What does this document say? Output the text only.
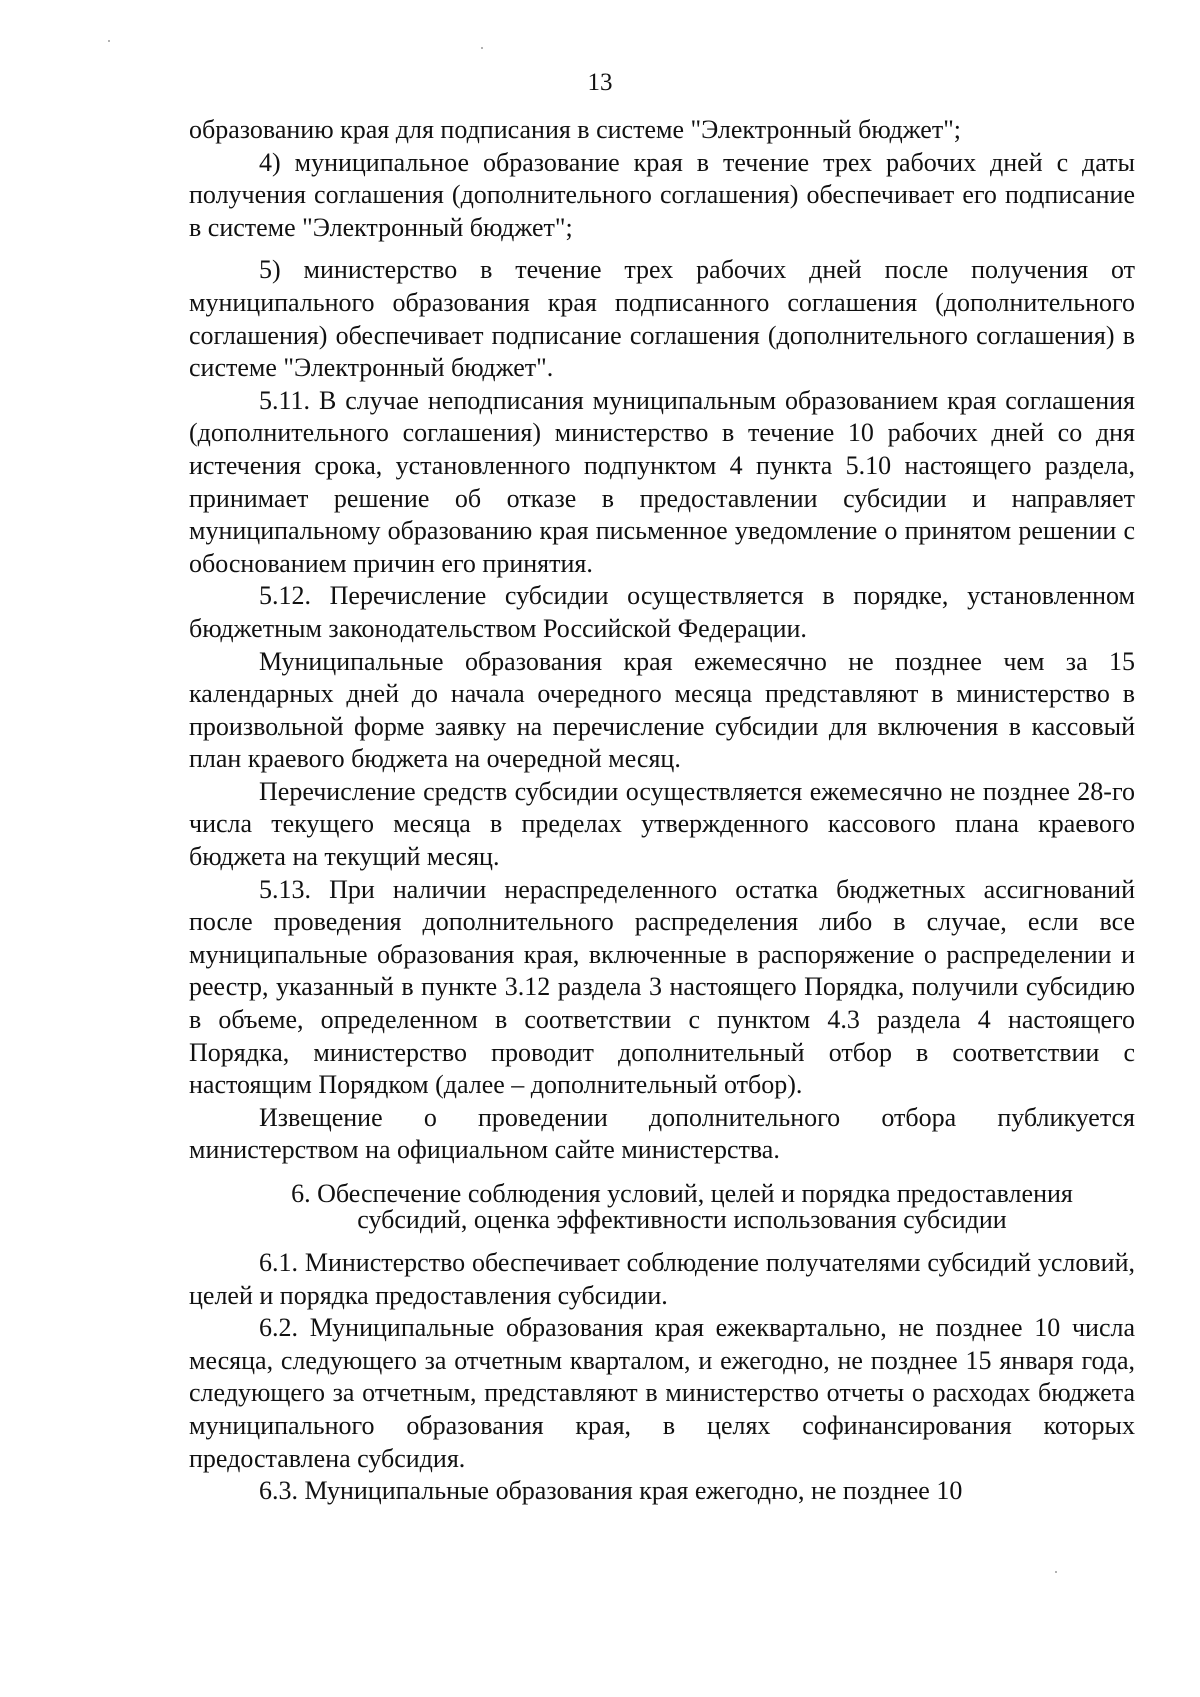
13

образованию края для подписания в системе "Электронный бюджет";

4) муниципальное образование края в течение трех рабочих дней с даты получения соглашения (дополнительного соглашения) обеспечивает его подписание в системе "Электронный бюджет";

5) министерство в течение трех рабочих дней после получения от муниципального образования края подписанного соглашения (дополнительного соглашения) обеспечивает подписание соглашения (дополнительного соглашения) в системе "Электронный бюджет".

5.11. В случае неподписания муниципальным образованием края соглашения (дополнительного соглашения) министерство в течение 10 рабочих дней со дня истечения срока, установленного подпунктом 4 пункта 5.10 настоящего раздела, принимает решение об отказе в предоставлении субсидии и направляет муниципальному образованию края письменное уведомление о принятом решении с обоснованием причин его принятия.

5.12. Перечисление субсидии осуществляется в порядке, установленном бюджетным законодательством Российской Федерации.

Муниципальные образования края ежемесячно не позднее чем за 15 календарных дней до начала очередного месяца представляют в министерство в произвольной форме заявку на перечисление субсидии для включения в кассовый план краевого бюджета на очередной месяц.

Перечисление средств субсидии осуществляется ежемесячно не позднее 28-го числа текущего месяца в пределах утвержденного кассового плана краевого бюджета на текущий месяц.

5.13. При наличии нераспределенного остатка бюджетных ассигнований после проведения дополнительного распределения либо в случае, если все муниципальные образования края, включенные в распоряжение о распределении и реестр, указанный в пункте 3.12 раздела 3 настоящего Порядка, получили субсидию в объеме, определенном в соответствии с пунктом 4.3 раздела 4 настоящего Порядка, министерство проводит дополнительный отбор в соответствии с настоящим Порядком (далее – дополнительный отбор).

Извещение о проведении дополнительного отбора публикуется министерством на официальном сайте министерства.

6. Обеспечение соблюдения условий, целей и порядка предоставления
субсидий, оценка эффективности использования субсидии

6.1. Министерство обеспечивает соблюдение получателями субсидий условий, целей и порядка предоставления субсидии.

6.2. Муниципальные образования края ежеквартально, не позднее 10 числа месяца, следующего за отчетным кварталом, и ежегодно, не позднее 15 января года, следующего за отчетным, представляют в министерство отчеты о расходах бюджета муниципального образования края, в целях софинансирования которых предоставлена субсидия.

6.3. Муниципальные образования края ежегодно, не позднее 10
